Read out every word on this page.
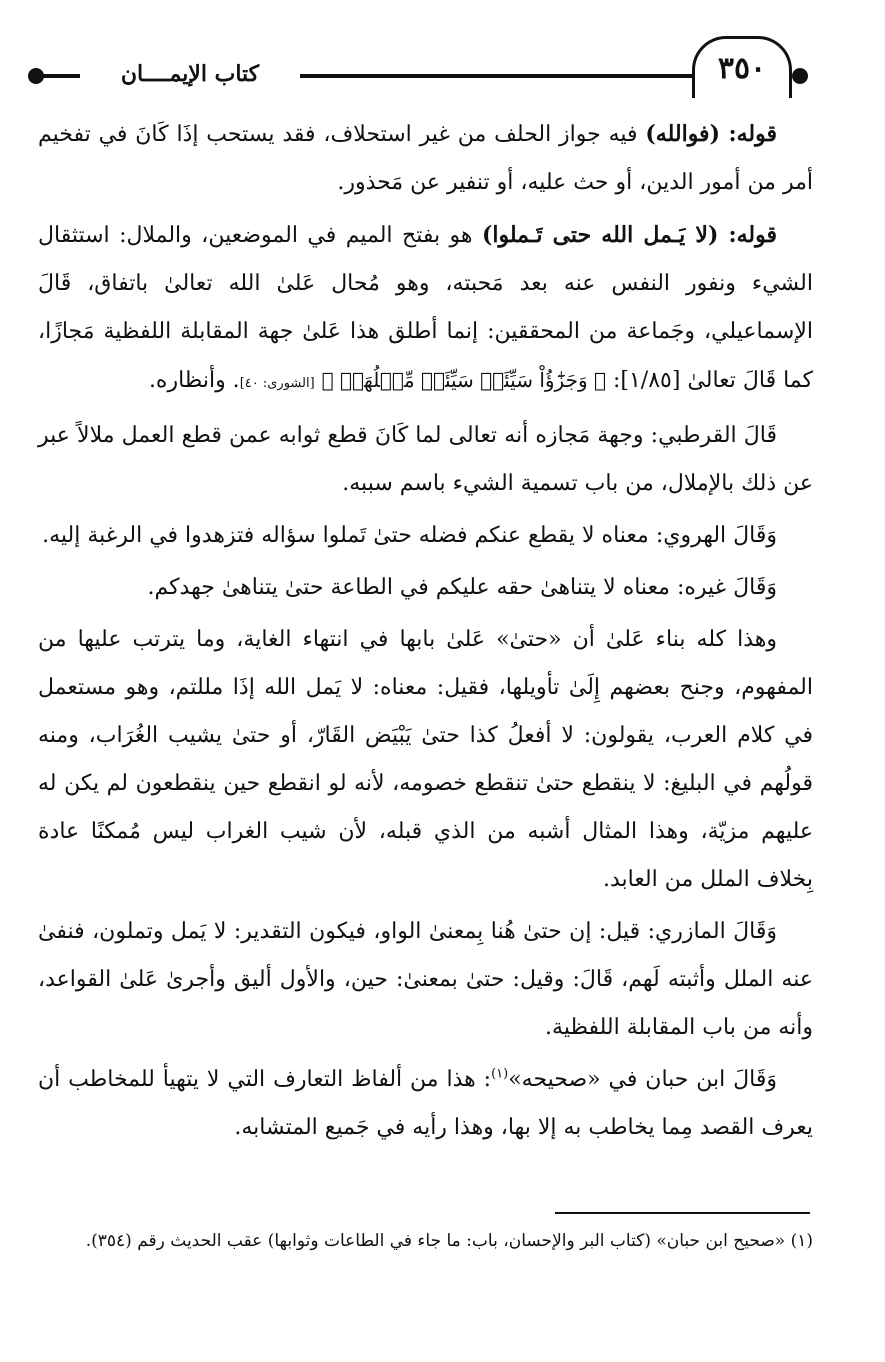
كتاب الإيمــــان	٣٥٠

قوله: (فوالله) فيه جواز الحلف من غير استحلاف، فقد يستحب إذَا كَانَ في تفخيم أمر من أمور الدين، أو حث عليه، أو تنفير عن مَحذور.

قوله: (لا يَـمل الله حتى تَـملوا) هو بفتح الميم في الموضعين، والملال: استثقال الشيء ونفور النفس عنه بعد مَحبته، وهو مُحال عَلىٰ الله تعالىٰ باتفاق، قَالَ الإسماعيلي، وجَماعة من المحققين: إنما أطلق هذا عَلىٰ جهة المقابلة اللفظية مَجازًا، كما قَالَ تعالىٰ [١/٨٥]: ﴿ وَجَزَٰٓؤُاْ سَيِّئَةٖ سَيِّئَةٞ مِّثۡلُهَاۖ ﴾ [الشورى: ٤٠]. وأنظاره.

قَالَ القرطبي: وجهة مَجازه أنه تعالى لما كَانَ قطع ثوابه عمن قطع العمل ملالاً عبر عن ذلك بالإملال، من باب تسمية الشيء باسم سببه.

وَقَالَ الهروي: معناه لا يقطع عنكم فضله حتىٰ تَملوا سؤاله فتزهدوا في الرغبة إليه.

وَقَالَ غيره: معناه لا يتناهىٰ حقه عليكم في الطاعة حتىٰ يتناهىٰ جهدكم.

وهذا كله بناء عَلىٰ أن «حتىٰ» عَلىٰ بابها في انتهاء الغاية، وما يترتب عليها من المفهوم، وجنح بعضهم إِلَىٰ تأويلها، فقيل: معناه: لا يَمل الله إذَا مللتم، وهو مستعمل في كلام العرب، يقولون: لا أفعلُ كذا حتىٰ يَبْيَض القَارّ، أو حتىٰ يشيب الغُرَاب، ومنه قولُهم في البليغ: لا ينقطع حتىٰ تنقطع خصومه، لأنه لو انقطع حين ينقطعون لم يكن له عليهم مزيّة، وهذا المثال أشبه من الذي قبله، لأن شيب الغراب ليس مُمكنًا عادة بِخلاف الملل من العابد.

وَقَالَ المازري: قيل: إن حتىٰ هُنا بِمعنىٰ الواو، فيكون التقدير: لا يَمل وتملون، فنفىٰ عنه الملل وأثبته لَهم، قَالَ: وقيل: حتىٰ بمعنىٰ: حين، والأول أليق وأجرىٰ عَلىٰ القواعد، وأنه من باب المقابلة اللفظية.

وَقَالَ ابن حبان في «صحيحه»$^{(١)}$: هذا من ألفاظ التعارف التي لا يتهيأ للمخاطب أن يعرف القصد مِما يخاطب به إلا بها، وهذا رأيه في جَميع المتشابه.

(١) «صحيح ابن حبان» (كتاب البر والإحسان، باب: ما جاء في الطاعات وثوابها) عقب الحديث رقم (٣٥٤).
